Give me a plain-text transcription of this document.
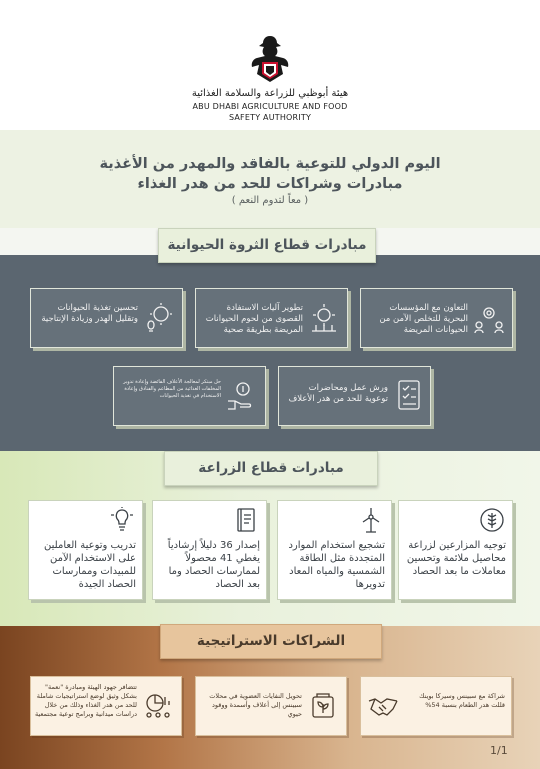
هيئة أبوظبي للزراعة والسلامة الغذائية
ABU DHABI AGRICULTURE AND FOOD
SAFETY AUTHORITY
اليوم الدولي للتوعية بالفاقد والمهدر من الأغذية
مبادرات وشراكات للحد من هدر الغذاء
( معاً لتدوم النعم )
مبادرات قطاع الثروة الحيوانية
التعاون مع المؤسسات البحرية للتخلص الآمن من الحيوانات المريضة
تطوير آليات الاستفادة القصوى من لحوم الحيوانات المريضة بطريقة صحية
تحسين تغذية الحيوانات وتقليل الهدر وزيادة الإنتاجية
ورش عمل ومحاضرات توعوية للحد من هدر الأعلاف
حل مبتكر لمعالجة الأعلاف الفائضة وإعادة تدوير المخلفات الغذائية من المطاعم والفنادق وإعادة الاستخدام في تغذية الحيوانات
مبادرات قطاع الزراعة
توجيه المزارعين لزراعة محاصيل ملائمة وتحسين معاملات ما بعد الحصاد
تشجيع استخدام الموارد المتجددة مثل الطاقة الشمسية والمياه المعاد تدويرها
إصدار 36 دليلاً إرشادياً يغطي 41 محصولاً لممارسات الحصاد وما بعد الحصاد
تدريب وتوعية العاملين على الاستخدام الآمن للمبيدات وممارسات الحصاد الجيدة
الشراكات الاستراتيجية
شراكة مع سبينس وسيركا بوينك قللت هدر الطعام بنسبة 54%
تحويل النفايات العضوية في محلات سبينس إلى أعلاف وأسمدة ووقود حيوي
تتضافر جهود الهيئة ومبادرة "نعمة" بشكل وثيق لوضع استراتيجيات شاملة للحد من هدر الغذاء وذلك من خلال دراسات ميدانية وبرامج توعية مجتمعية
1/1
